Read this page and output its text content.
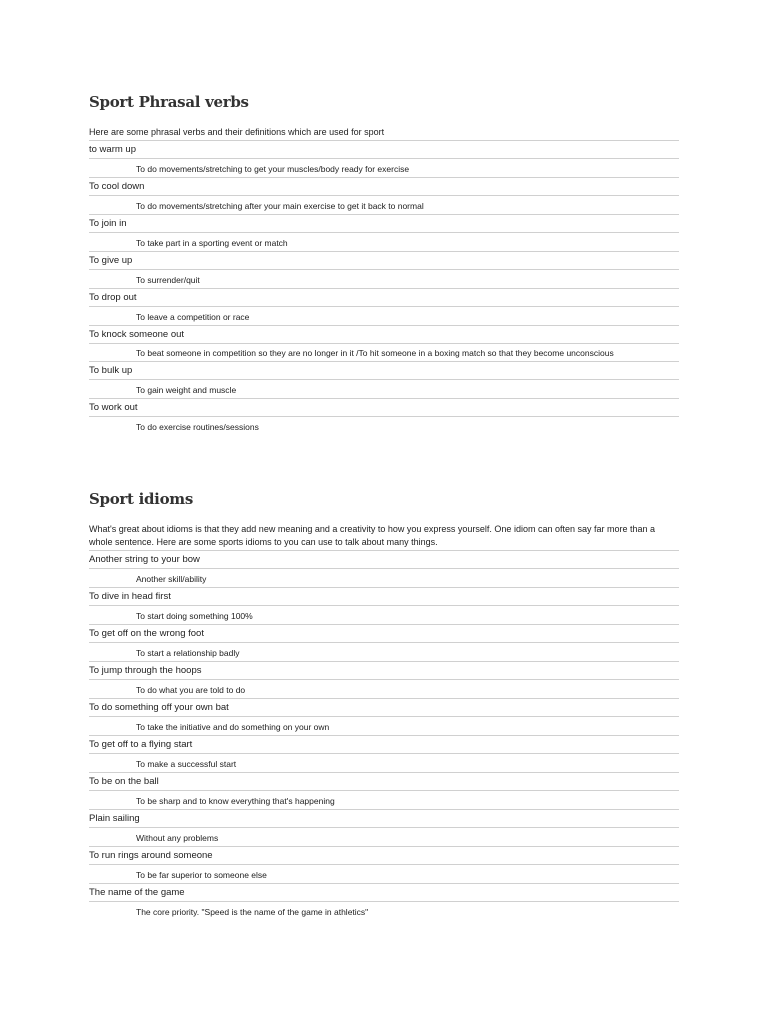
Sport Phrasal verbs
Here are some phrasal verbs and their definitions which are used for sport
to warm up
To do movements/stretching to get your muscles/body ready for exercise
To cool down
To do movements/stretching after your main exercise to get it back to normal
To join in
To take part in a sporting event or match
To give up
To surrender/quit
To drop out
To leave a competition or race
To knock someone out
To beat someone in competition so they are no longer in it /To hit someone in a boxing match so that they become unconscious
To bulk up
To gain weight and muscle
To work out
To do exercise routines/sessions
Sport idioms
What's great about idioms is that they add new meaning and a creativity to how you express yourself. One idiom can often say far more than a whole sentence. Here are some sports idioms to you can use to talk about many things.
Another string to your bow
Another skill/ability
To dive in head first
To start doing something 100%
To get off on the wrong foot
To start a relationship badly
To jump through the hoops
To do what you are told to do
To do something off your own bat
To take the initiative and do something on your own
To get off to a flying start
To make a successful start
To be on the ball
To be sharp and to know everything that's happening
Plain sailing
Without any problems
To run rings around someone
To be far superior to someone else
The name of the game
The core priority. "Speed is the name of the game in athletics"
